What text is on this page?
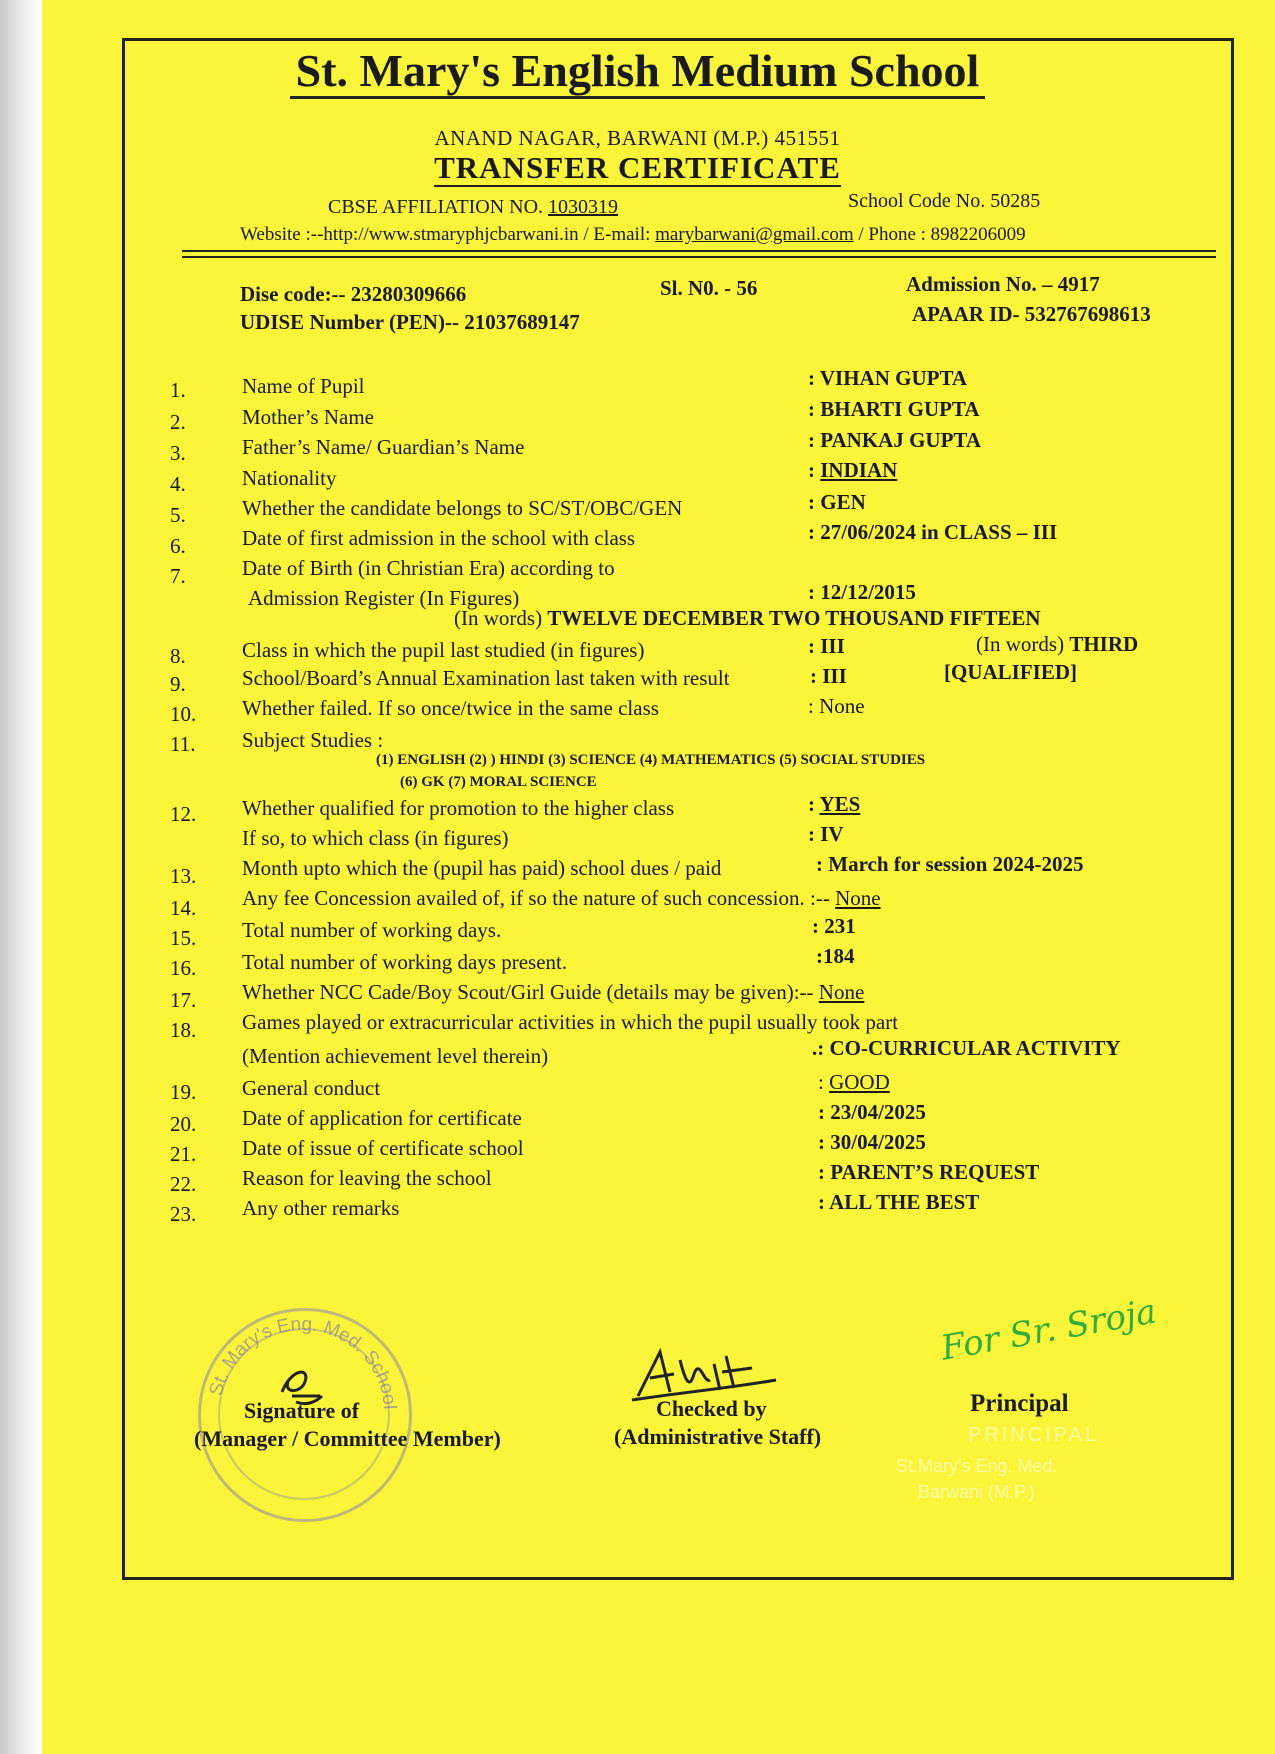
St. Mary's English Medium School
ANAND NAGAR, BARWANI (M.P.) 451551
TRANSFER CERTIFICATE
CBSE AFFILIATION NO. 1030319	School Code No. 50285
Website :--http://www.stmaryphjcbarwani.in / E-mail: marybarwani@gmail.com / Phone : 8982206009
Dise code:-- 23280309666
UDISE Number (PEN)-- 21037689147
Sl. N0. - 56	Admission No. – 4917
APAAR ID- 532767698613
1.	Name of Pupil	: VIHAN GUPTA
2.	Mother’s Name	: BHARTI GUPTA
3.	Father’s Name/ Guardian’s Name	: PANKAJ GUPTA
4.	Nationality	: INDIAN
5.	Whether the candidate belongs to SC/ST/OBC/GEN	: GEN
6.	Date of first admission in the school with class	: 27/06/2024 in CLASS – III
7.	Date of Birth (in Christian Era) according to
Admission Register (In Figures)	: 12/12/2015
(In words) TWELVE DECEMBER TWO THOUSAND FIFTEEN
8.	Class in which the pupil last studied (in figures)	: III	(In words) THIRD
9.	School/Board’s Annual Examination last taken with result	: III	[QUALIFIED]
10.	Whether failed. If so once/twice in the same class	: None
11.	Subject Studies :
(1) ENGLISH (2) ) HINDI (3) SCIENCE (4) MATHEMATICS (5) SOCIAL STUDIES
(6) GK (7) MORAL SCIENCE
12.	Whether qualified for promotion to the higher class	: YES
If so, to which class (in figures)	: IV
13.	Month upto which the (pupil has paid) school dues / paid	: March for session 2024-2025
14.	Any fee Concession availed of, if so the nature of such concession. :-- None
15.	Total number of working days.	: 231
16.	Total number of working days present.	:184
17.	Whether NCC Cade/Boy Scout/Girl Guide (details may be given):-- None
18.	Games played or extracurricular activities in which the pupil usually took part
(Mention achievement level therein)	.: CO-CURRICULAR ACTIVITY
19.	General conduct	: GOOD
20.	Date of application for certificate	: 23/04/2025
21.	Date of issue of certificate school	: 30/04/2025
22.	Reason for leaving the school	: PARENT’S REQUEST
23.	Any other remarks	: ALL THE BEST
St. Mary's Eng. Med. School
Signature of
(Manager / Committee Member)
Checked by
(Administrative Staff)
For Sr. Sroja
Principal
PRINCIPAL
St.Mary's Eng. Med.
Barwani (M.P.)
